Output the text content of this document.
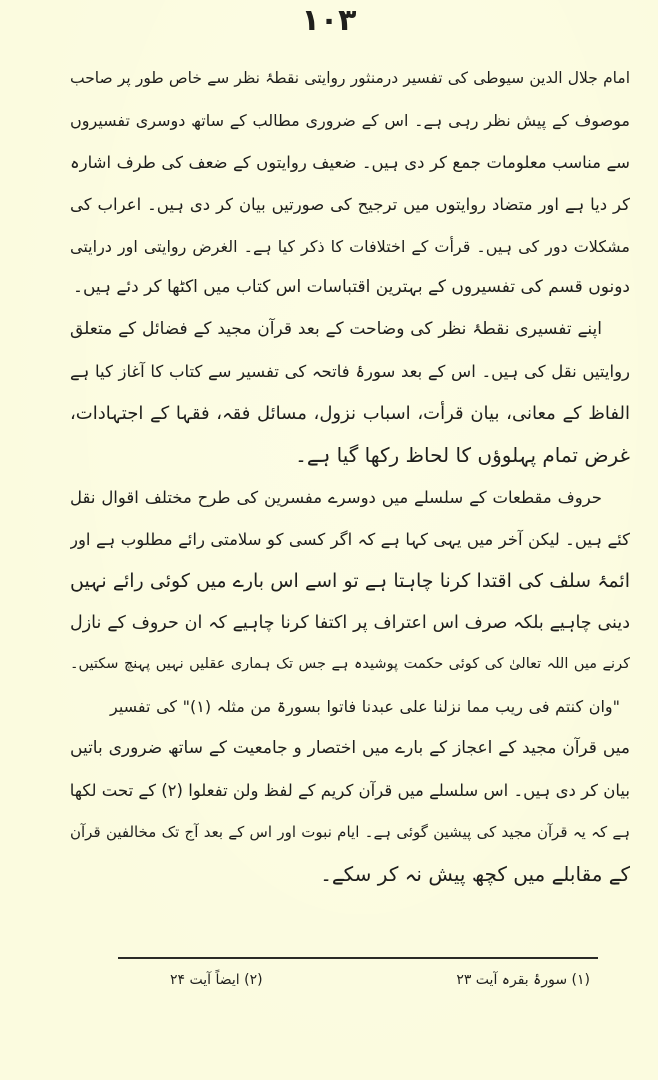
١٠٣
امام جلال الدین سیوطی کی تفسیر درمنثور روایتی نقطۂ نظر سے خاص طور پر صاحب
موصوف کے پیش نظر رہی ہے۔ اس کے ضروری مطالب کے ساتھ دوسری تفسیروں
سے مناسب معلومات جمع کر دی ہیں۔ ضعیف روایتوں کے ضعف کی طرف اشارہ
کر دیا ہے اور متضاد روایتوں میں ترجیح کی صورتیں بیان کر دی ہیں۔ اعراب کی
مشکلات دور کی ہیں۔ قرأت کے اختلافات کا ذکر کیا ہے۔ الغرض روایتی اور درایتی
دونوں قسم کی تفسیروں کے بہترین اقتباسات اس کتاب میں اکٹھا کر دئے ہیں۔
اپنے تفسیری نقطۂ نظر کی وضاحت کے بعد قرآن مجید کے فضائل کے متعلق
روایتیں نقل کی ہیں۔ اس کے بعد سورۂ فاتحہ کی تفسیر سے کتاب کا آغاز کیا ہے
الفاظ کے معانی، بیان قرأت، اسباب نزول، مسائل فقہ، فقہا کے اجتہادات،
غرض تمام پہلوؤں کا لحاظ رکھا گیا ہے۔
حروف مقطعات کے سلسلے میں دوسرے مفسرین کی طرح مختلف اقوال نقل
کئے ہیں۔ لیکن آخر میں یہی کہا ہے کہ اگر کسی کو سلامتی رائے مطلوب ہے اور
ائمۂ سلف کی اقتدا کرنا چاہتا ہے تو اسے اس بارے میں کوئی رائے نہیں
دینی چاہیے بلکہ صرف اس اعتراف پر اکتفا کرنا چاہیے کہ ان حروف کے نازل
کرنے میں اللہ تعالیٰ کی کوئی حکمت پوشیدہ ہے جس تک ہماری عقلیں نہیں پہنچ سکتیں۔
"وان کنتم فی ریب مما نزلنا علی عبدنا فاتوا بسورۃ من مثلہ (۱)" کی تفسیر
میں قرآن مجید کے اعجاز کے بارے میں اختصار و جامعیت کے ساتھ ضروری باتیں
بیان کر دی ہیں۔ اس سلسلے میں قرآن کریم کے لفظ ولن تفعلوا (۲) کے تحت لکھا
ہے کہ یہ قرآن مجید کی پیشین گوئی ہے۔ ایام نبوت اور اس کے بعد آج تک مخالفین قرآن
کے مقابلے میں کچھ پیش نہ کر سکے۔
(۱) سورۂ بقرہ آیت ۲۳
(۲) ایضاً آیت ۲۴
